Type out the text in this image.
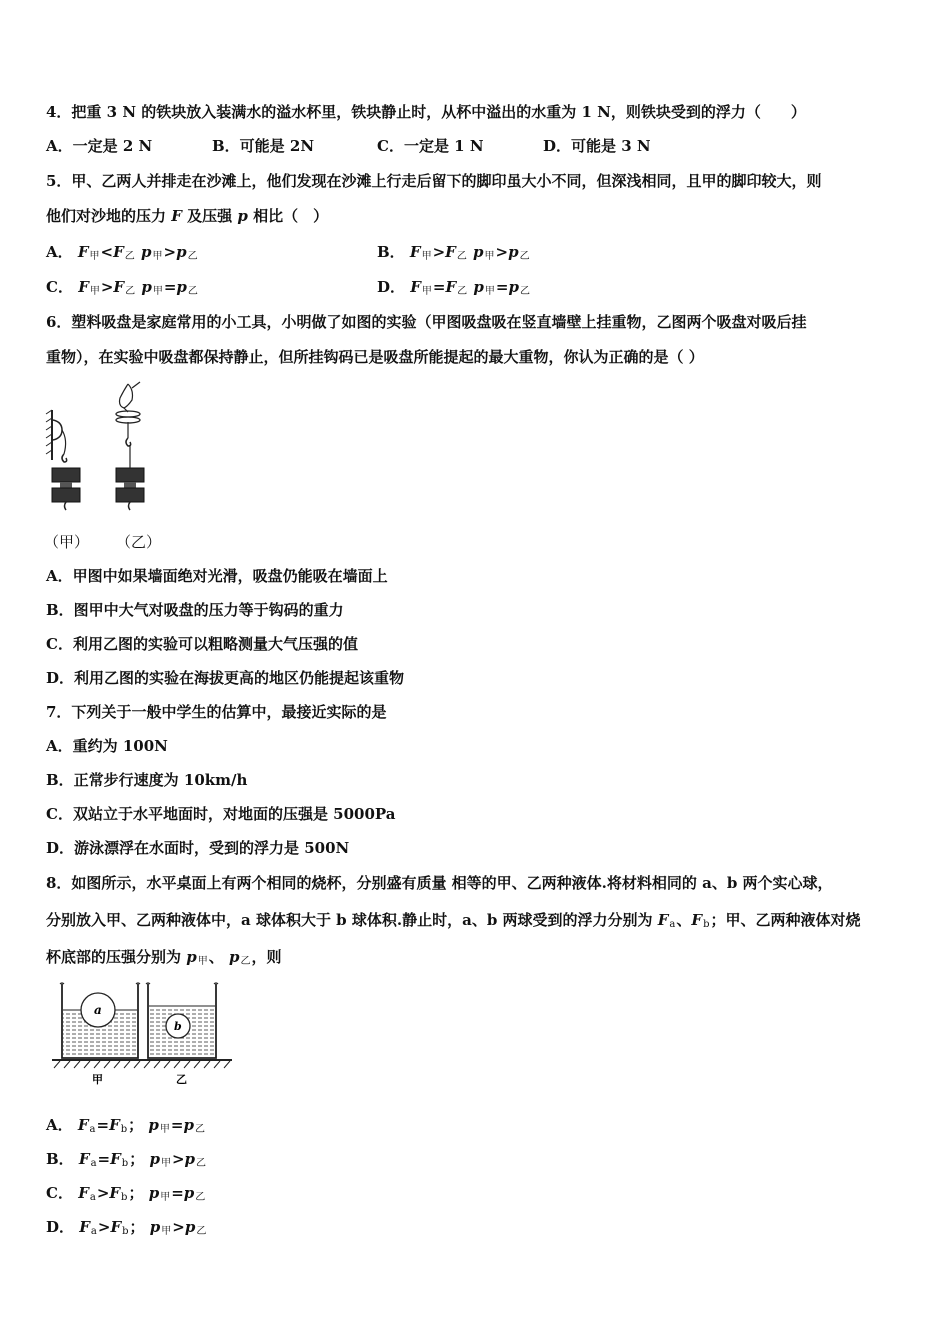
4．把重 3 N 的铁块放入装满水的溢水杯里，铁块静止时，从杯中溢出的水重为 1 N，则铁块受到的浮力（　　）
A．一定是 2 N	B．可能是 2N	C．一定是 1 N	D．可能是 3 N
5．甲、乙两人并排走在沙滩上，他们发现在沙滩上行走后留下的脚印虽大小不同，但深浅相同，且甲的脚印较大，则
他们对沙地的压力 F 及压强 p 相比（　）
A． F甲<F乙 p甲>p乙	B． F甲>F乙 p甲>p乙
C． F甲>F乙 p甲=p乙	D． F甲=F乙 p甲=p乙
6．塑料吸盘是家庭常用的小工具，小明做了如图的实验（甲图吸盘吸在竖直墙壁上挂重物，乙图两个吸盘对吸后挂
重物），在实验中吸盘都保持静止，但所挂钩码已是吸盘所能提起的最大重物，你认为正确的是（ ）
（甲） （乙）
A．甲图中如果墙面绝对光滑，吸盘仍能吸在墙面上
B．图甲中大气对吸盘的压力等于钩码的重力
C．利用乙图的实验可以粗略测量大气压强的值
D．利用乙图的实验在海拔更高的地区仍能提起该重物
7．下列关于一般中学生的估算中，最接近实际的是
A．重约为 100N
B．正常步行速度为 10km/h
C．双站立于水平地面时，对地面的压强是 5000Pa
D．游泳漂浮在水面时，受到的浮力是 500N
8．如图所示，水平桌面上有两个相同的烧杯，分别盛有质量 相等的甲、乙两种液体.将材料相同的 a、b 两个实心球，
分别放入甲、乙两种液体中，a 球体积大于 b 球体积.静止时，a、b 两球受到的浮力分别为 Fa、Fb；甲、乙两种液体对烧
杯底部的压强分别为 p甲、 p乙，则
a
b
甲	乙
A． Fa=Fb； p甲=p乙
B． Fa=Fb； p甲>p乙
C． Fa>Fb； p甲=p乙
D． Fa>Fb； p甲>p乙
